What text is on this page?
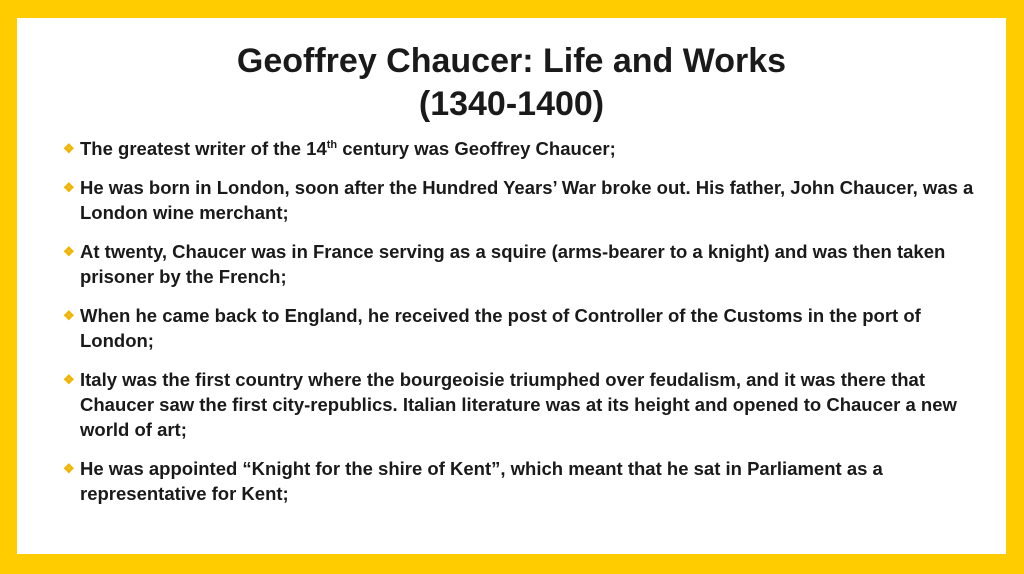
Geoffrey Chaucer: Life and Works
(1340-1400)
❖ The greatest writer of the 14th century was Geoffrey Chaucer;
❖ He was born in London, soon after the Hundred Years’ War broke out. His father, John Chaucer, was a London wine merchant;
❖ At twenty, Chaucer was in France serving as a squire (arms-bearer to a knight) and was then taken prisoner by the French;
❖ When he came back to England, he received the post of Controller of the Customs in the port of London;
❖ Italy was the first country where the bourgeoisie triumphed over feudalism, and it was there that Chaucer saw the first city-republics. Italian literature was at its height and opened to Chaucer a new world of art;
❖ He was appointed “Knight for the shire of Kent”, which meant that he sat in Parliament as a representative for Kent;
